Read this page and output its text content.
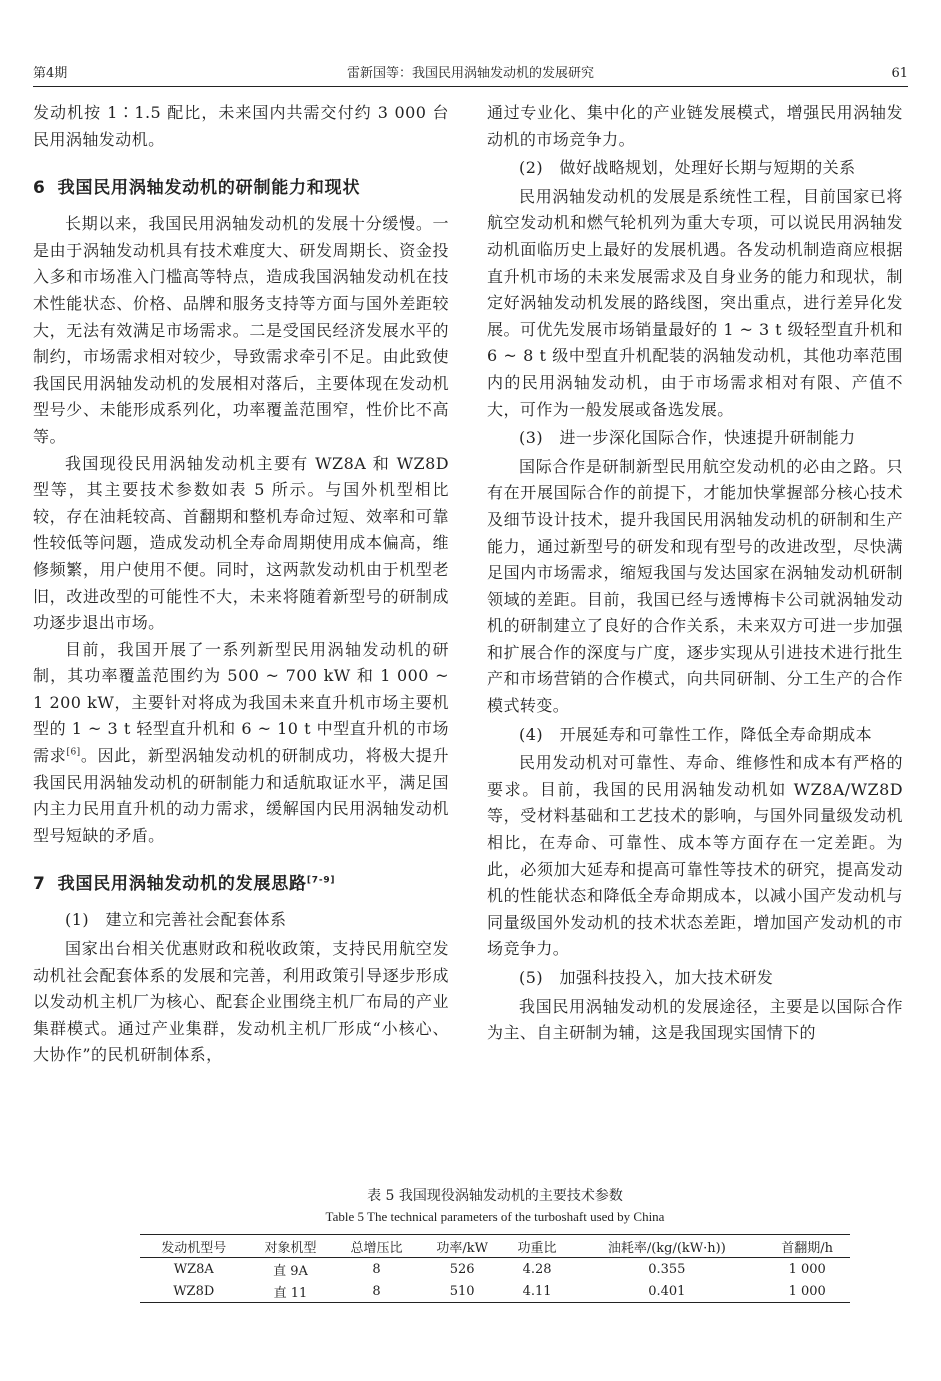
第4期	雷新国等：我国民用涡轴发动机的发展研究	61

发动机按 1∶1.5 配比，未来国内共需交付约 3 000 台民用涡轴发动机。

6 我国民用涡轴发动机的研制能力和现状

长期以来，我国民用涡轴发动机的发展十分缓慢。一是由于涡轴发动机具有技术难度大、研发周期长、资金投入多和市场准入门槛高等特点，造成我国涡轴发动机在技术性能状态、价格、品牌和服务支持等方面与国外差距较大，无法有效满足市场需求。二是受国民经济发展水平的制约，市场需求相对较少，导致需求牵引不足。由此致使我国民用涡轴发动机的发展相对落后，主要体现在发动机型号少、未能形成系列化，功率覆盖范围窄，性价比不高等。

我国现役民用涡轴发动机主要有 WZ8A 和 WZ8D 型等，其主要技术参数如表 5 所示。与国外机型相比较，存在油耗较高、首翻期和整机寿命过短、效率和可靠性较低等问题，造成发动机全寿命周期使用成本偏高，维修频繁，用户使用不便。同时，这两款发动机由于机型老旧，改进改型的可能性不大，未来将随着新型号的研制成功逐步退出市场。

目前，我国开展了一系列新型民用涡轴发动机的研制，其功率覆盖范围约为 500 ~ 700 kW 和 1 000 ~ 1 200 kW，主要针对将成为我国未来直升机市场主要机型的 1 ~ 3 t 轻型直升机和 6 ~ 10 t 中型直升机的市场需求[6]。因此，新型涡轴发动机的研制成功，将极大提升我国民用涡轴发动机的研制能力和适航取证水平，满足国内主力民用直升机的动力需求，缓解国内民用涡轴发动机型号短缺的矛盾。

7 我国民用涡轴发动机的发展思路[7-9]

(1)　建立和完善社会配套体系

国家出台相关优惠财政和税收政策，支持民用航空发动机社会配套体系的发展和完善，利用政策引导逐步形成以发动机主机厂为核心、配套企业围绕主机厂布局的产业集群模式。通过产业集群，发动机主机厂形成“小核心、大协作”的民机研制体系，

通过专业化、集中化的产业链发展模式，增强民用涡轴发动机的市场竞争力。

(2)　做好战略规划，处理好长期与短期的关系

民用涡轴发动机的发展是系统性工程，目前国家已将航空发动机和燃气轮机列为重大专项，可以说民用涡轴发动机面临历史上最好的发展机遇。各发动机制造商应根据直升机市场的未来发展需求及自身业务的能力和现状，制定好涡轴发动机发展的路线图，突出重点，进行差异化发展。可优先发展市场销量最好的 1 ~ 3 t 级轻型直升机和 6 ~ 8 t 级中型直升机配装的涡轴发动机，其他功率范围内的民用涡轴发动机，由于市场需求相对有限、产值不大，可作为一般发展或备选发展。

(3)　进一步深化国际合作，快速提升研制能力

国际合作是研制新型民用航空发动机的必由之路。只有在开展国际合作的前提下，才能加快掌握部分核心技术及细节设计技术，提升我国民用涡轴发动机的研制和生产能力，通过新型号的研发和现有型号的改进改型，尽快满足国内市场需求，缩短我国与发达国家在涡轴发动机研制领域的差距。目前，我国已经与透博梅卡公司就涡轴发动机的研制建立了良好的合作关系，未来双方可进一步加强和扩展合作的深度与广度，逐步实现从引进技术进行批生产和市场营销的合作模式，向共同研制、分工生产的合作模式转变。

(4)　开展延寿和可靠性工作，降低全寿命期成本

民用发动机对可靠性、寿命、维修性和成本有严格的要求。目前，我国的民用涡轴发动机如 WZ8A/WZ8D 等，受材料基础和工艺技术的影响，与国外同量级发动机相比，在寿命、可靠性、成本等方面存在一定差距。为此，必须加大延寿和提高可靠性等技术的研究，提高发动机的性能状态和降低全寿命期成本，以减小国产发动机与同量级国外发动机的技术状态差距，增加国产发动机的市场竞争力。

(5)　加强科技投入，加大技术研发

我国民用涡轴发动机的发展途径，主要是以国际合作为主、自主研制为辅，这是我国现实国情下的

表 5 我国现役涡轴发动机的主要技术参数
Table 5 The technical parameters of the turboshaft used by China
发动机型号	对象机型	总增压比	功率/kW	功重比	油耗率/(kg/(kW·h))	首翻期/h
WZ8A	直 9A	8	526	4.28	0.355	1 000
WZ8D	直 11	8	510	4.11	0.401	1 000
